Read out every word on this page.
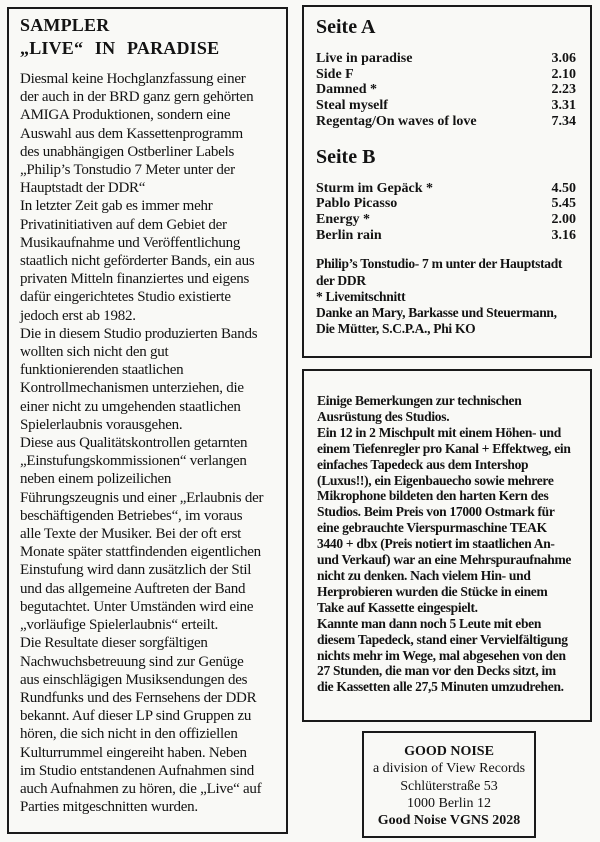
SAMPLER
„LIVE“ IN PARADISE
Diesmal keine Hochglanzfassung einer
der auch in der BRD ganz gern gehörten
AMIGA Produktionen, sondern eine
Auswahl aus dem Kassettenprogramm
des unabhängigen Ostberliner Labels
„Philip’s Tonstudio 7 Meter unter der
Hauptstadt der DDR“
In letzter Zeit gab es immer mehr
Privatinitiativen auf dem Gebiet der
Musikaufnahme und Veröffentlichung
staatlich nicht geförderter Bands, ein aus
privaten Mitteln finanziertes und eigens
dafür eingerichtetes Studio existierte
jedoch erst ab 1982.
Die in diesem Studio produzierten Bands
wollten sich nicht den gut
funktionierenden staatlichen
Kontrollmechanismen unterziehen, die
einer nicht zu umgehenden staatlichen
Spielerlaubnis vorausgehen.
Diese aus Qualitätskontrollen getarnten
„Einstufungskommissionen“ verlangen
neben einem polizeilichen
Führungszeugnis und einer „Erlaubnis der
beschäftigenden Betriebes“, im voraus
alle Texte der Musiker. Bei der oft erst
Monate später stattfindenden eigentlichen
Einstufung wird dann zusätzlich der Stil
und das allgemeine Auftreten der Band
begutachtet. Unter Umständen wird eine
„vorläufige Spielerlaubnis“ erteilt.
Die Resultate dieser sorgfältigen
Nachwuchsbetreuung sind zur Genüge
aus einschlägigen Musiksendungen des
Rundfunks und des Fernsehens der DDR
bekannt. Auf dieser LP sind Gruppen zu
hören, die sich nicht in den offiziellen
Kulturrummel eingereiht haben. Neben
im Studio entstandenen Aufnahmen sind
auch Aufnahmen zu hören, die „Live“ auf
Parties mitgeschnitten wurden.
Seite A
Live in paradise	3.06
Side F	2.10
Damned *	2.23
Steal myself	3.31
Regentag/On waves of love	7.34
Seite B
Sturm im Gepäck *	4.50
Pablo Picasso	5.45
Energy *	2.00
Berlin rain	3.16
Philip’s Tonstudio- 7 m unter der Hauptstadt
der DDR
* Livemitschnitt
Danke an Mary, Barkasse und Steuermann,
Die Mütter, S.C.P.A., Phi KO
Einige Bemerkungen zur technischen
Ausrüstung des Studios.
Ein 12 in 2 Mischpult mit einem Höhen- und
einem Tiefenregler pro Kanal + Effektweg, ein
einfaches Tapedeck aus dem Intershop
(Luxus!!), ein Eigenbauecho sowie mehrere
Mikrophone bildeten den harten Kern des
Studios. Beim Preis von 17000 Ostmark für
eine gebrauchte Vierspurmaschine TEAK
3440 + dbx (Preis notiert im staatlichen An-
und Verkauf) war an eine Mehrspuraufnahme
nicht zu denken. Nach vielem Hin- und
Herprobieren wurden die Stücke in einem
Take auf Kassette eingespielt.
Kannte man dann noch 5 Leute mit eben
diesem Tapedeck, stand einer Vervielfältigung
nichts mehr im Wege, mal abgesehen von den
27 Stunden, die man vor den Decks sitzt, im
die Kassetten alle 27,5 Minuten umzudrehen.
GOOD NOISE
a division of View Records
Schlüterstraße 53
1000 Berlin 12
Good Noise VGNS 2028
